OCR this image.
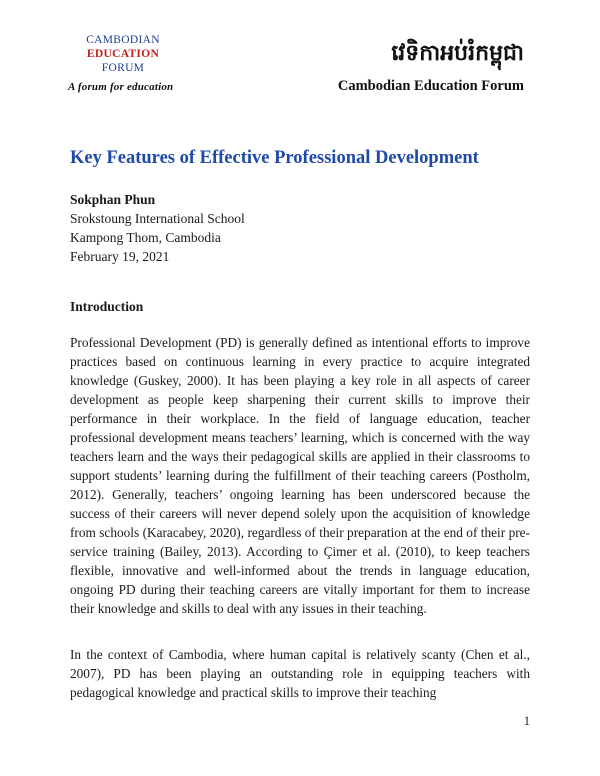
CAMBODIAN
EDUCATION
FORUM
A forum for education
វេទិកាអប់រំកម្ពុជា
Cambodian Education Forum
Key Features of Effective Professional Development
Sokphan Phun
Srokstoung International School
Kampong Thom, Cambodia
February 19, 2021
Introduction

Professional Development (PD) is generally defined as intentional efforts to improve practices based on continuous learning in every practice to acquire integrated knowledge (Guskey, 2000). It has been playing a key role in all aspects of career development as people keep sharpening their current skills to improve their performance in their workplace. In the field of language education, teacher professional development means teachers’ learning, which is concerned with the way teachers learn and the ways their pedagogical skills are applied in their classrooms to support students’ learning during the fulfillment of their teaching careers (Postholm, 2012). Generally, teachers’ ongoing learning has been underscored because the success of their careers will never depend solely upon the acquisition of knowledge from schools (Karacabey, 2020), regardless of their preparation at the end of their pre-service training (Bailey, 2013). According to Çimer et al. (2010), to keep teachers flexible, innovative and well-informed about the trends in language education, ongoing PD during their teaching careers are vitally important for them to increase their knowledge and skills to deal with any issues in their teaching.

In the context of Cambodia, where human capital is relatively scanty (Chen et al., 2007), PD has been playing an outstanding role in equipping teachers with pedagogical knowledge and practical skills to improve their teaching

1
